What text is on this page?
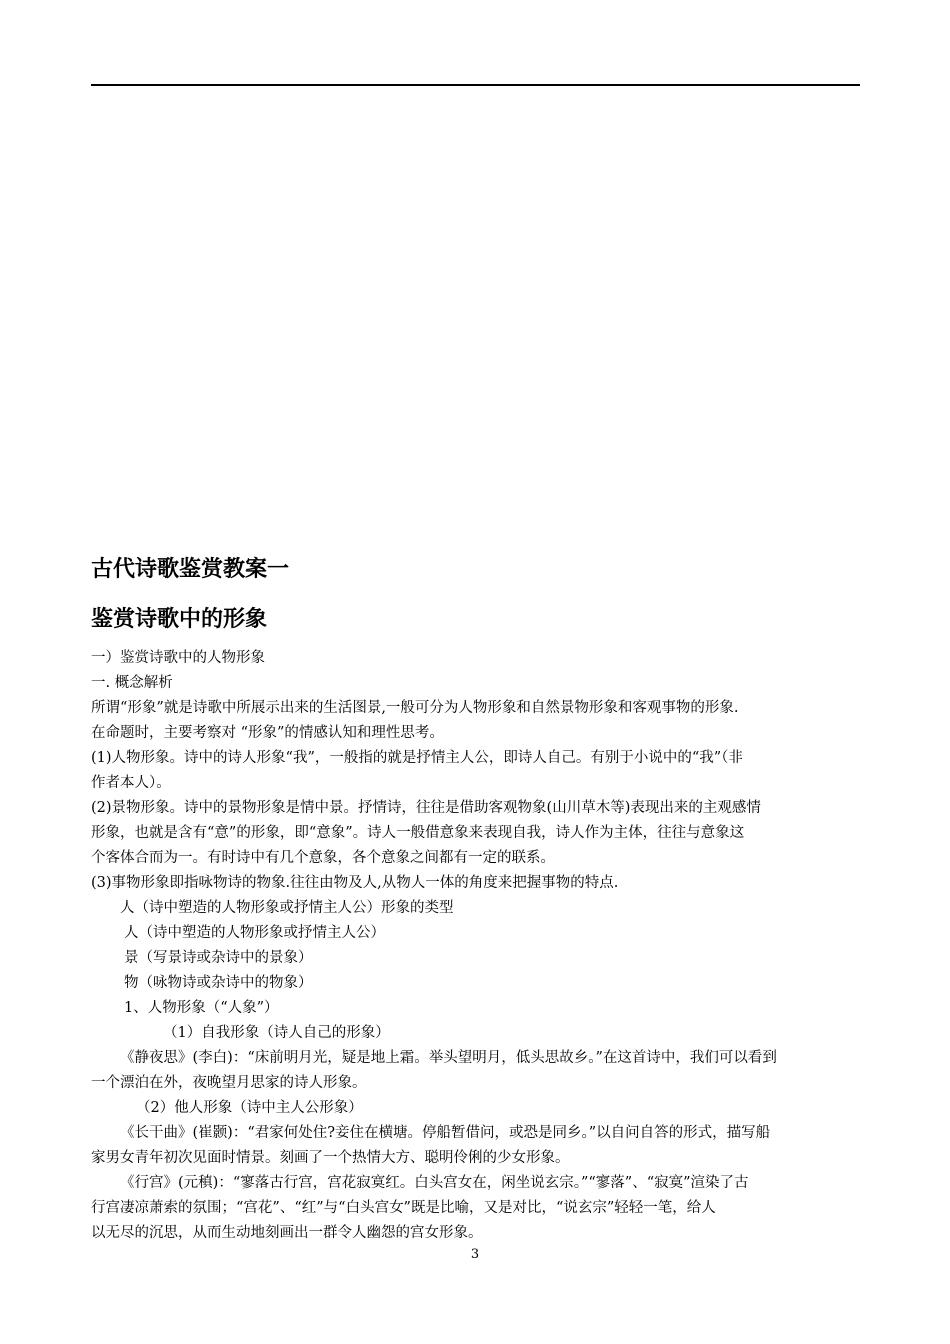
古代诗歌鉴赏教案一
鉴赏诗歌中的形象

一）鉴赏诗歌中的人物形象

一. 概念解析

所谓“形象”就是诗歌中所展示出来的生活图景,一般可分为人物形象和自然景物形象和客观事物的形象.

在命题时，主要考察对 “形象”的情感认知和理性思考。

(1)人物形象。诗中的诗人形象“我”，一般指的就是抒情主人公，即诗人自己。有别于小说中的“我”（非

作者本人）。

(2)景物形象。诗中的景物形象是情中景。抒情诗，往往是借助客观物象(山川草木等)表现出来的主观感情

形象，也就是含有“意”的形象，即“意象”。诗人一般借意象来表现自我，诗人作为主体，往往与意象这

个客体合而为一。有时诗中有几个意象，各个意象之间都有一定的联系。

(3)事物形象即指咏物诗的物象.往往由物及人,从物人一体的角度来把握事物的特点.

人（诗中塑造的人物形象或抒情主人公）形象的类型

人（诗中塑造的人物形象或抒情主人公）

景（写景诗或杂诗中的景象）

物（咏物诗或杂诗中的物象）

1、人物形象（“人象”）

（1）自我形象（诗人自己的形象）

《静夜思》(李白)：“床前明月光，疑是地上霜。举头望明月，低头思故乡。”在这首诗中，我们可以看到

一个漂泊在外，夜晚望月思家的诗人形象。

（2）他人形象（诗中主人公形象）

《长干曲》(崔颢)：“君家何处住?妾住在横塘。停船暂借问，或恐是同乡。”以自问自答的形式，描写船

家男女青年初次见面时情景。刻画了一个热情大方、聪明伶俐的少女形象。

《行宫》(元稹)：“寥落古行宫，宫花寂寞红。白头宫女在，闲坐说玄宗。”“寥落”、“寂寞”渲染了古

行宫凄凉萧索的氛围；“宫花”、“红”与“白头宫女”既是比喻，又是对比，“说玄宗”轻轻一笔，给人

以无尽的沉思，从而生动地刻画出一群令人幽怨的宫女形象。

3
